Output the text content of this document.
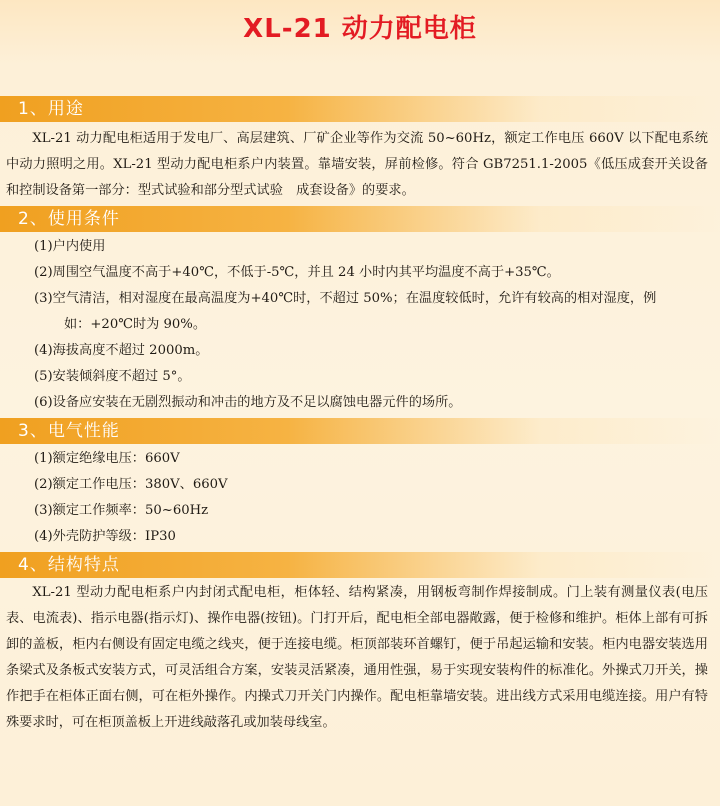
XL-21 动力配电柜
1、用途

XL-21 动力配电柜适用于发电厂、高层建筑、厂矿企业等作为交流 50~60Hz，额定工作电压 660V 以下配电系统中动力照明之用。XL-21 型动力配电柜系户内装置。靠墙安装，屏前检修。符合 GB7251.1-2005《低压成套开关设备和控制设备第一部分：型式试验和部分型式试验　成套设备》的要求。

2、使用条件

(1)户内使用

(2)周围空气温度不高于+40℃，不低于-5℃，并且 24 小时内其平均温度不高于+35℃。

(3)空气清洁，相对湿度在最高温度为+40℃时，不超过 50%；在温度较低时，允许有较高的相对湿度，例

如：+20℃时为 90%。

(4)海拔高度不超过 2000m。

(5)安装倾斜度不超过 5°。

(6)设备应安装在无剧烈振动和冲击的地方及不足以腐蚀电器元件的场所。

3、电气性能

(1)额定绝缘电压：660V

(2)额定工作电压：380V、660V

(3)额定工作频率：50~60Hz

(4)外壳防护等级：IP30

4、结构特点

XL-21 型动力配电柜系户内封闭式配电柜，柜体轻、结构紧凑，用钢板弯制作焊接制成。门上装有测量仪表(电压表、电流表)、指示电器(指示灯)、操作电器(按钮)。门打开后，配电柜全部电器敞露，便于检修和维护。柜体上部有可拆卸的盖板，柜内右侧设有固定电缆之线夹，便于连接电缆。柜顶部装环首螺钉，便于吊起运输和安装。柜内电器安装选用条梁式及条板式安装方式，可灵活组合方案，安装灵活紧凑，通用性强，易于实现安装构件的标准化。外操式刀开关，操作把手在柜体正面右侧，可在柜外操作。内操式刀开关门内操作。配电柜靠墙安装。进出线方式采用电缆连接。用户有特殊要求时，可在柜顶盖板上开进线敲落孔或加装母线室。
